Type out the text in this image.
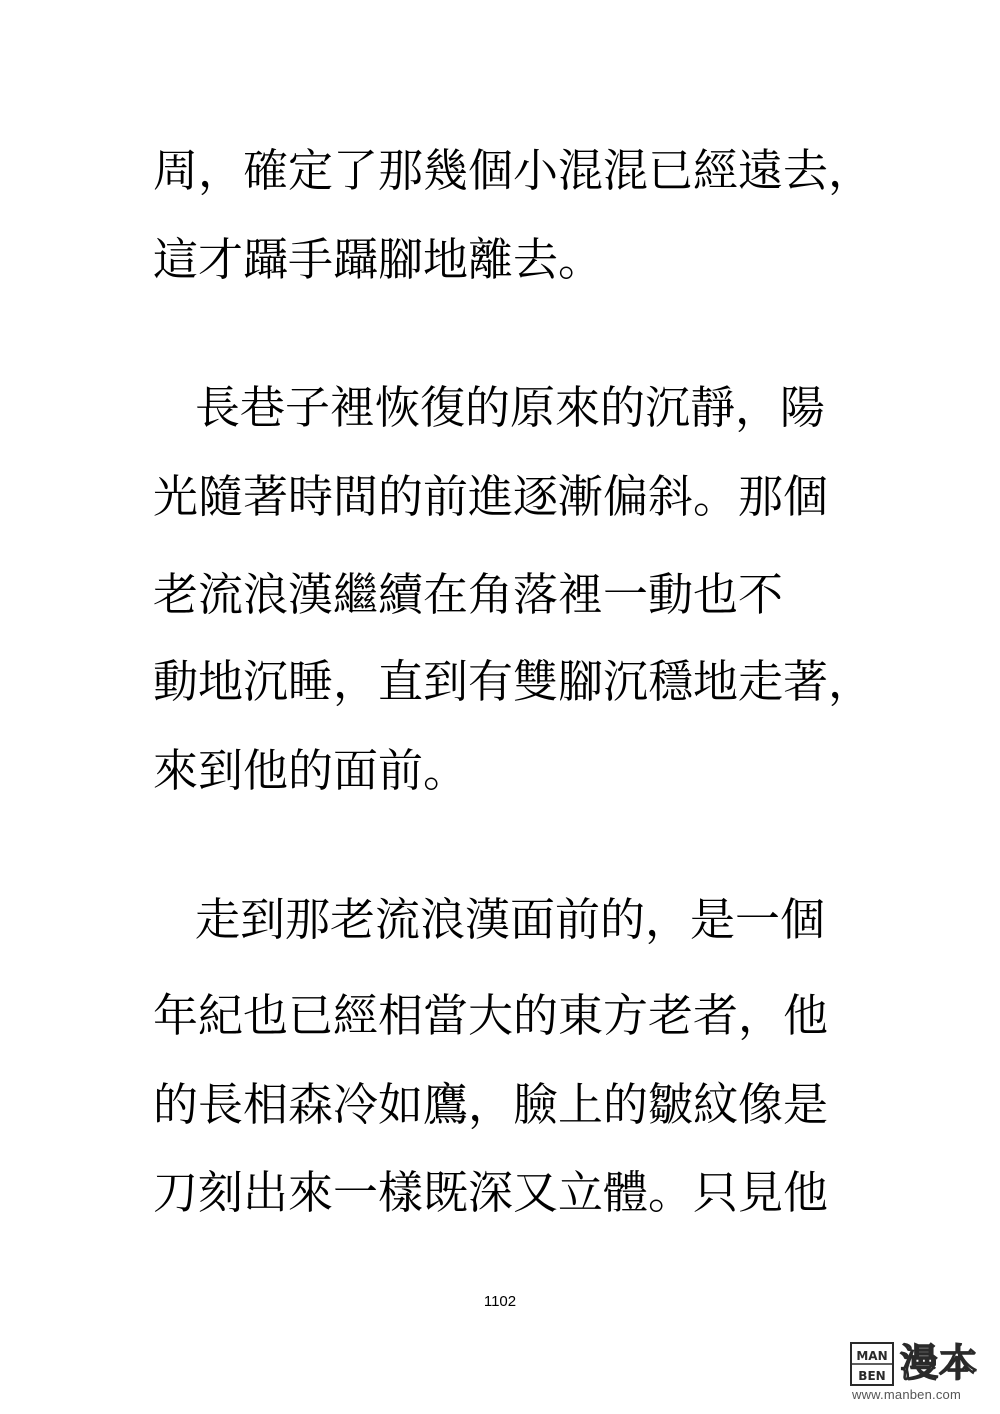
周，確定了那幾個小混混已經遠去，
這才躡手躡腳地離去。
長巷子裡恢復的原來的沉靜，陽
光隨著時間的前進逐漸偏斜。那個
老流浪漢繼續在角落裡一動也不
動地沉睡，直到有雙腳沉穩地走著，
來到他的面前。
走到那老流浪漢面前的，是一個
年紀也已經相當大的東方老者，他
的長相森冷如鷹，臉上的皺紋像是
刀刻出來一樣既深又立體。只見他
1102
MAN
BEN 漫本
www.manben.com
